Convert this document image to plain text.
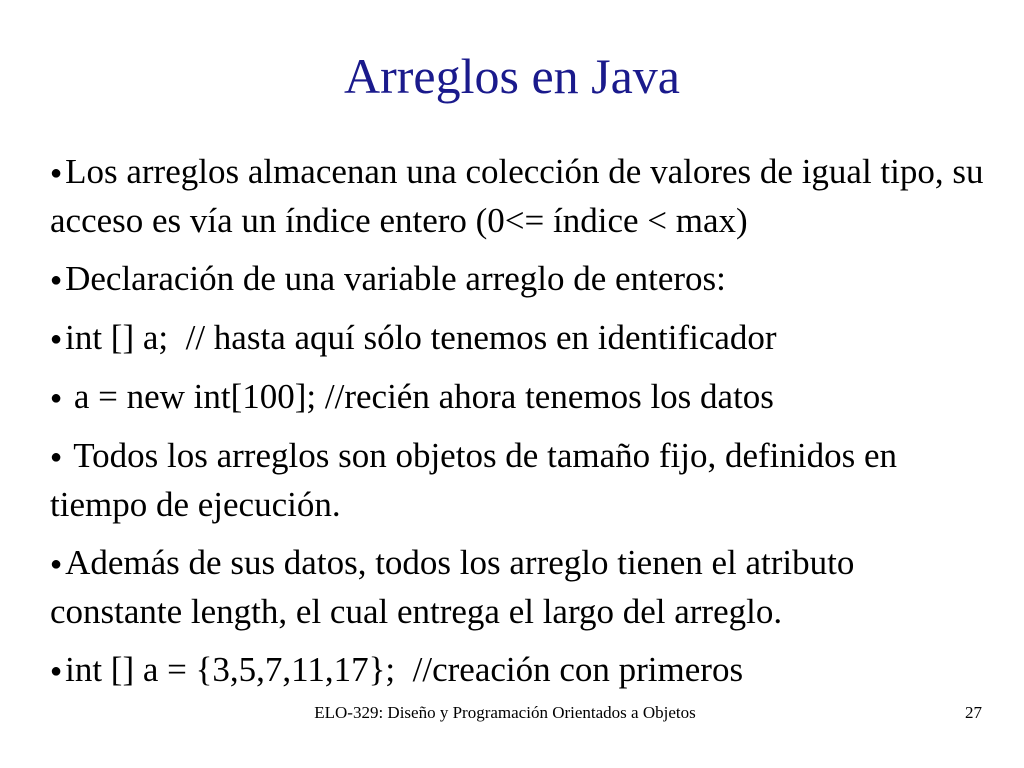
Arreglos en Java
●Los arreglos almacenan una colección de valores de igual tipo, su acceso es vía un índice entero (0<= índice < max)
●Declaración de una variable arreglo de enteros:
●int [] a;  // hasta aquí sólo tenemos en identificador
● a = new int[100]; //recién ahora tenemos los datos
● Todos los arreglos son objetos de tamaño fijo, definidos en tiempo de ejecución.
●Además de sus datos, todos los arreglo tienen el atributo constante length, el cual entrega el largo del arreglo.
●int [] a = {3,5,7,11,17};  //creación con primeros
ELO-329: Diseño y Programación Orientados a Objetos	27
